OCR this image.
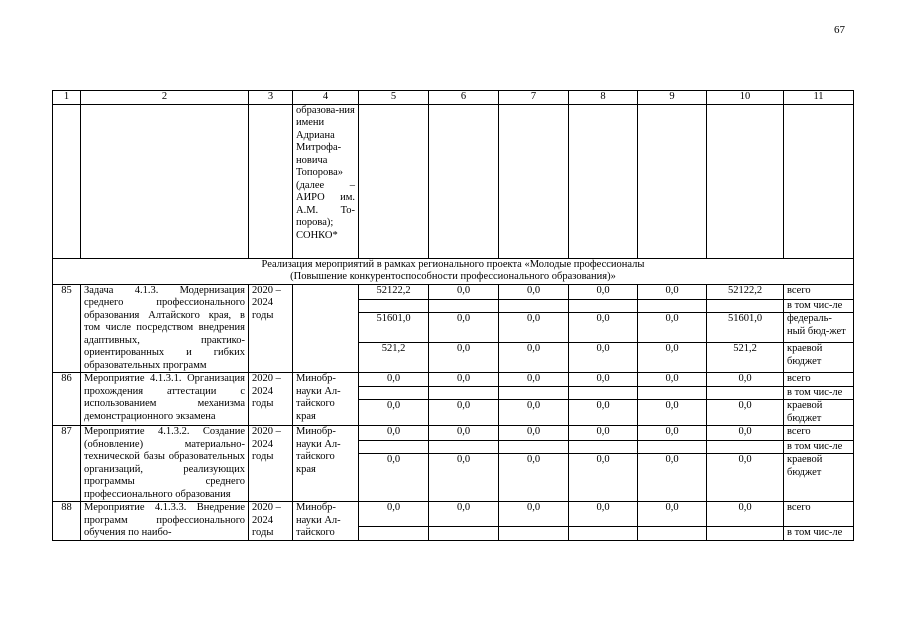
67
1	2	3	4	5	6	7	8	9	10	11
			образова-ния имени Адриана Митрофа-новича Топорова» (далее – АИРО им. А.М. То-порова); СОНКО*							

Реализация мероприятий в рамках регионального проекта «Молодые профессионалы
(Повышение конкурентоспособности профессионального образования)»										

85	Задача 4.1.3. Модернизация среднего профессионального образования Алтайского края, в том числе посредством внедрения адаптивных, практико-ориентированных и гибких образовательных программ	2020 – 2024 годы		52122,2	0,0	0,0	0,0	0,0	52122,2	всего
										в том чис-ле
				51601,0	0,0	0,0	0,0	0,0	51601,0	федераль-ный бюд-жет
				521,2	0,0	0,0	0,0	0,0	521,2	краевой бюджет
86	Мероприятие 4.1.3.1. Организация прохождения аттестации с использованием механизма демонстрационного экзамена	2020 – 2024 годы	Минобр-науки Ал-тайского края	0,0	0,0	0,0	0,0	0,0	0,0	всего
										в том чис-ле
				0,0	0,0	0,0	0,0	0,0	0,0	краевой бюджет
87	Мероприятие 4.1.3.2. Создание (обновление) материально-технической базы образовательных организаций, реализующих программы среднего профессионального образования	2020 – 2024 годы	Минобр-науки Ал-тайского края	0,0	0,0	0,0	0,0	0,0	0,0	всего
										в том чис-ле
				0,0	0,0	0,0	0,0	0,0	0,0	краевой бюджет
88	Мероприятие 4.1.3.3. Внедрение программ профессионального обучения по наибо-	2020 – 2024 годы	Минобр-науки Ал-тайского	0,0	0,0	0,0	0,0	0,0	0,0	всего
										в том чис-ле
